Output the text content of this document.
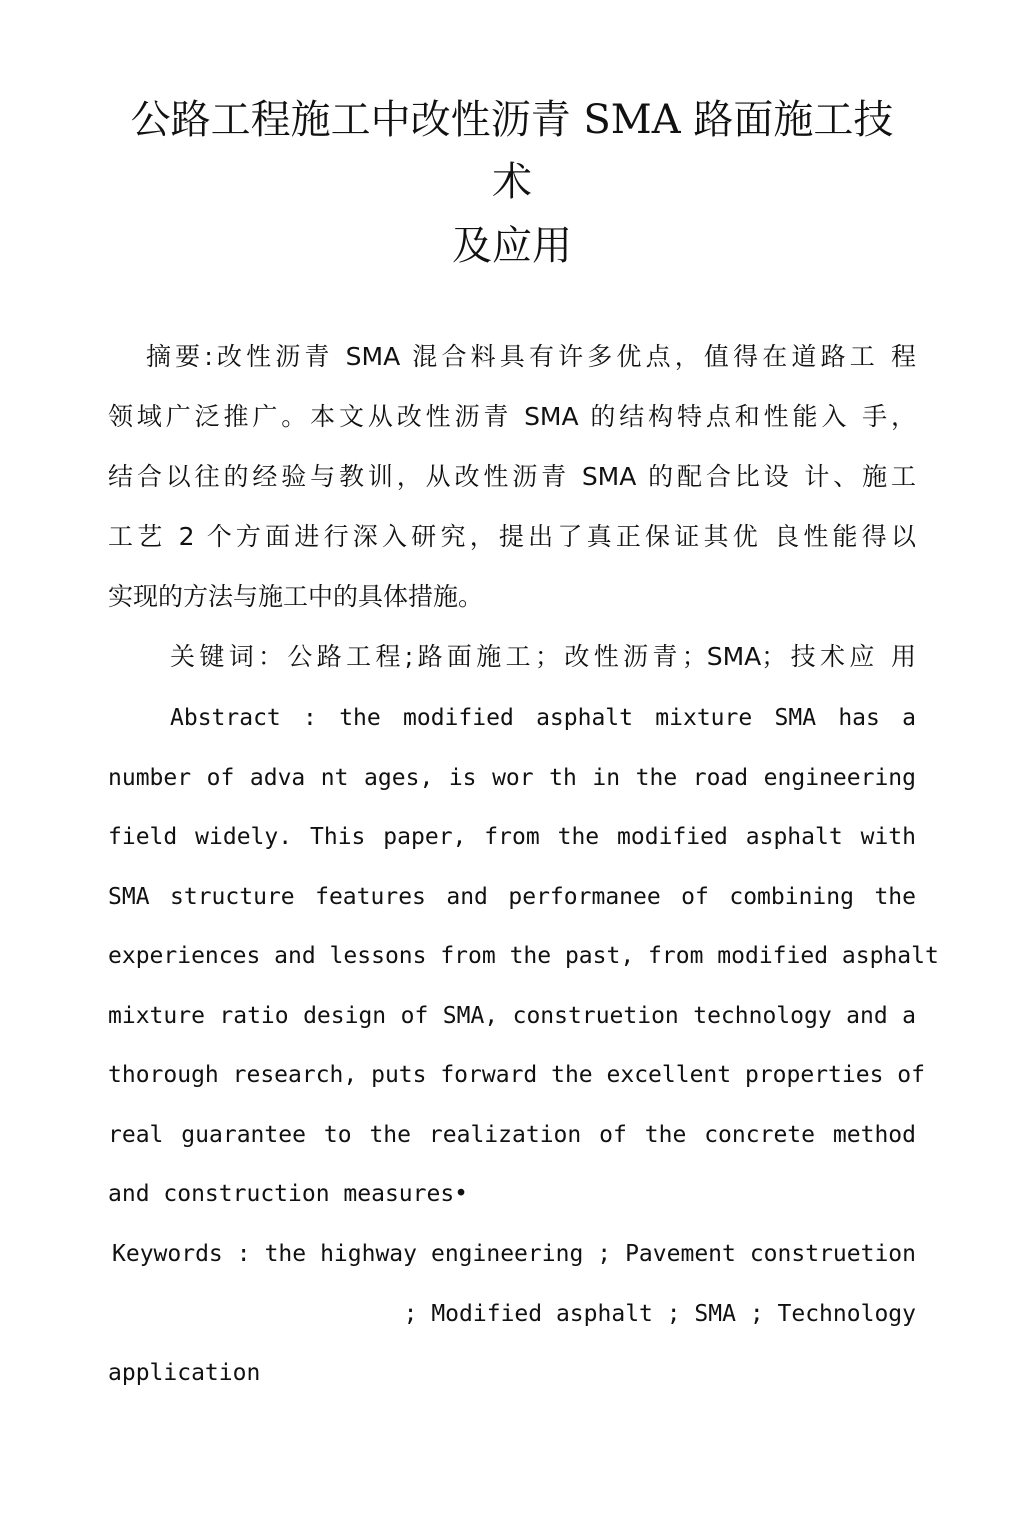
公路工程施工中改性沥青 SMA 路面施工技
术
及应用
摘要:改性沥青 SMA 混合料具有许多优点，值得在道路工 程
领域广泛推广。本文从改性沥青 SMA 的结构特点和性能入 手，
结合以往的经验与教训，从改性沥青 SMA 的配合比设 计、施工
工艺 2 个方面进行深入研究，提出了真正保证其优 良性能得以
实现的方法与施工中的具体措施。
关键词：公路工程;路面施工；改性沥青；SMA；技术应 用
Abstract : the modified asphalt mixture SMA has a
number of adva nt ages, is wor th in the road engineering
field widely. This paper, from the modified asphalt with
SMA structure features and performanee of combining the
experiences and lessons from the past, from modified asphalt
mixture ratio design of SMA, construetion technology and a
thorough research, puts forward the excellent properties of
real guarantee to the realization of the concrete method
and construction measures•
Keywords : the highway engineering ; Pavement construetion
; Modified asphalt ; SMA ; Technology
application
